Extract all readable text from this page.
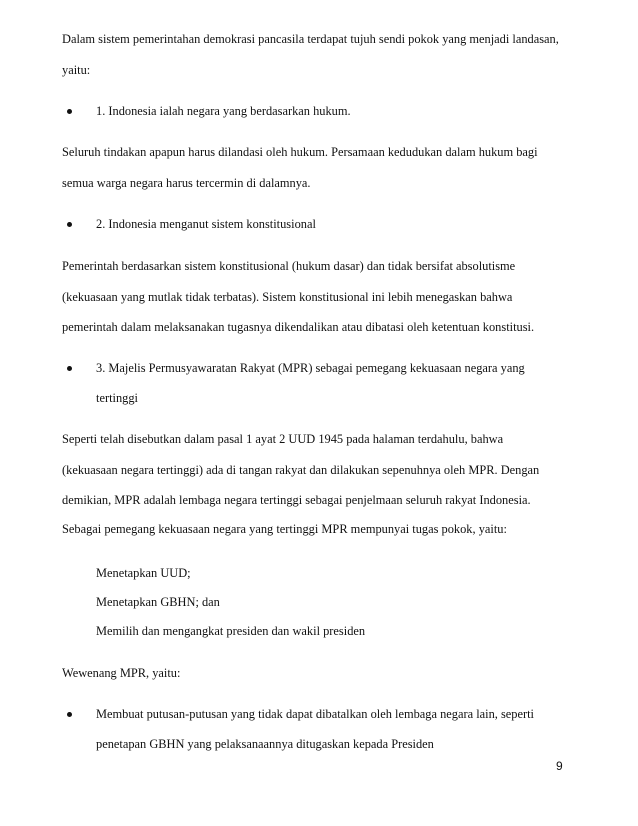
Dalam sistem pemerintahan demokrasi pancasila terdapat tujuh sendi pokok yang menjadi landasan,
yaitu:
1. Indonesia ialah negara yang berdasarkan hukum.
Seluruh tindakan apapun harus dilandasi oleh hukum. Persamaan kedudukan dalam hukum bagi
semua warga negara harus tercermin di dalamnya.
2. Indonesia menganut sistem konstitusional
Pemerintah berdasarkan sistem konstitusional (hukum dasar) dan tidak bersifat absolutisme
(kekuasaan yang mutlak tidak terbatas). Sistem konstitusional ini lebih menegaskan bahwa
pemerintah dalam melaksanakan tugasnya dikendalikan atau dibatasi oleh ketentuan konstitusi.
3. Majelis Permusyawaratan Rakyat (MPR) sebagai pemegang kekuasaan negara yang
tertinggi
Seperti telah disebutkan dalam pasal 1 ayat 2 UUD 1945 pada halaman terdahulu, bahwa
(kekuasaan negara tertinggi) ada di tangan rakyat dan dilakukan sepenuhnya oleh MPR. Dengan
demikian, MPR adalah lembaga negara tertinggi sebagai penjelmaan seluruh rakyat Indonesia.
Sebagai pemegang kekuasaan negara yang tertinggi MPR mempunyai tugas pokok, yaitu:
Menetapkan UUD;
Menetapkan GBHN; dan
Memilih dan mengangkat presiden dan wakil presiden
Wewenang MPR, yaitu:
Membuat putusan-putusan yang tidak dapat dibatalkan oleh lembaga negara lain, seperti
penetapan GBHN yang pelaksanaannya ditugaskan kepada Presiden
9
